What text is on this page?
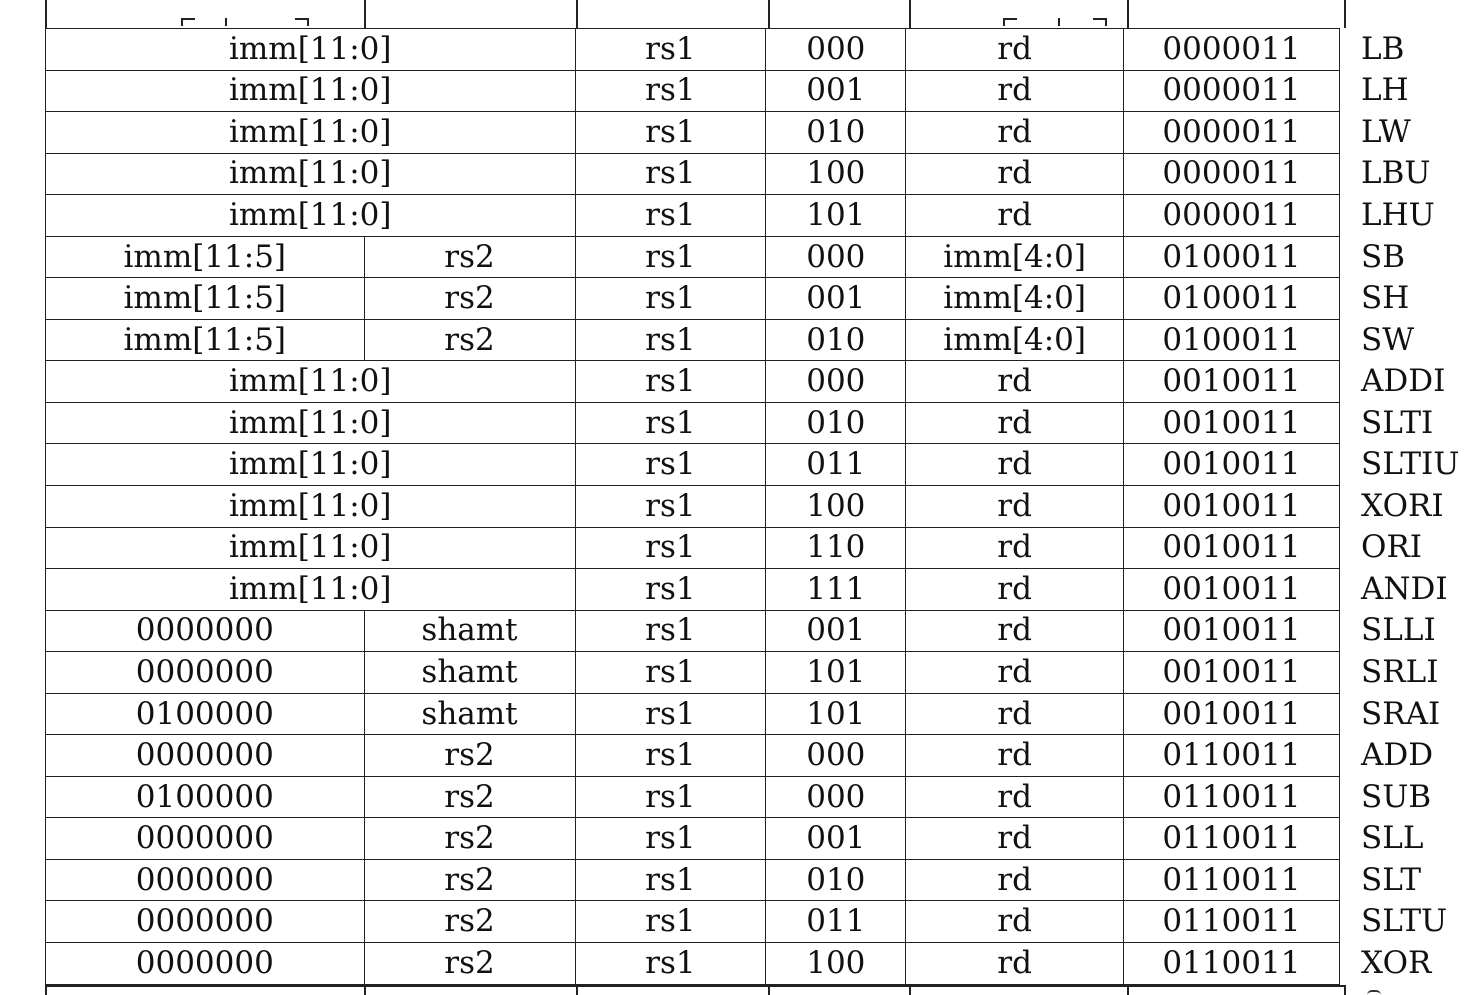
imm[11:0]		rs1	000	rd	0000011	LB
imm[11:0]		rs1	001	rd	0000011	LH
imm[11:0]		rs1	010	rd	0000011	LW
imm[11:0]		rs1	100	rd	0000011	LBU
imm[11:0]		rs1	101	rd	0000011	LHU
imm[11:5]	rs2	rs1	000	imm[4:0]	0100011	SB
imm[11:5]	rs2	rs1	001	imm[4:0]	0100011	SH
imm[11:5]	rs2	rs1	010	imm[4:0]	0100011	SW
imm[11:0]		rs1	000	rd	0010011	ADDI
imm[11:0]		rs1	010	rd	0010011	SLTI
imm[11:0]		rs1	011	rd	0010011	SLTIU
imm[11:0]		rs1	100	rd	0010011	XORI
imm[11:0]		rs1	110	rd	0010011	ORI
imm[11:0]		rs1	111	rd	0010011	ANDI
0000000	shamt	rs1	001	rd	0010011	SLLI
0000000	shamt	rs1	101	rd	0010011	SRLI
0100000	shamt	rs1	101	rd	0010011	SRAI
0000000	rs2	rs1	000	rd	0110011	ADD
0100000	rs2	rs1	000	rd	0110011	SUB
0000000	rs2	rs1	001	rd	0110011	SLL
0000000	rs2	rs1	010	rd	0110011	SLT
0000000	rs2	rs1	011	rd	0110011	SLTU
0000000	rs2	rs1	100	rd	0110011	XOR
